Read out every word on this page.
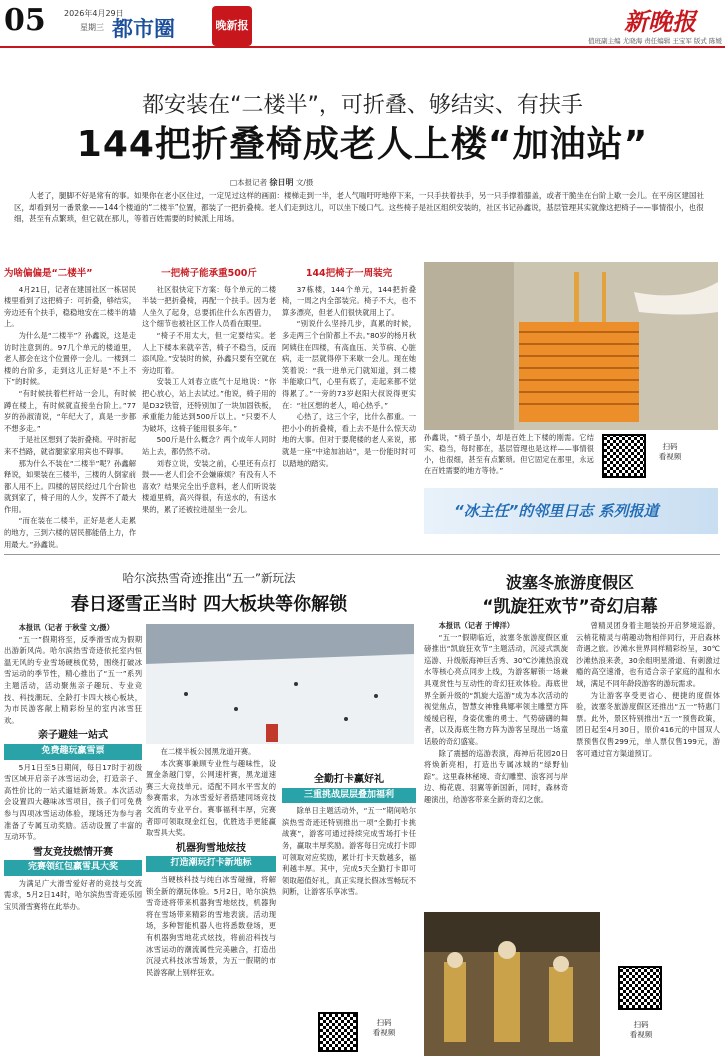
05 2026年4月29日
星期三 都市圈	晚新报	新晚报
值班副主编 尤晓海 责任编辑 王宝军 版式 陈媛
都安装在“二楼半”，可折叠、够结实、有扶手
144把折叠椅成老人上楼“加油站”
□本报记者 徐日明 文/摄
人老了，腿脚不好是常有的事。如果你在老小区住过，一定见过这样的画面：楼梯走到一半，老人气喘吁吁地停下来，一只手扶着扶手，另一只手撑着膝盖，或者干脆坐在台阶上歇一会儿。在平房区建国社区，却看到另一番景象——144个楼道的“二楼半”位置，都装了一把折叠椅。老人们走到这儿，可以坐下缓口气。这些椅子是社区组织安装的，社区书记孙鑫说，基层管理其实就像这把椅子——事情很小，也很细，甚至有点繁琐，但它就在那儿，等着百姓需要的时候派上用场。
为啥偏偏是“二楼半”

4月21日，记者在建国社区一栋居民楼里看到了这把椅子：可折叠，够结实，旁边还有个扶手，稳稳地安在二楼半的墙上。

为什么是“二楼半”？孙鑫说，这是走访时注意到的。97几个单元的楼道里，老人都会在这个位置停一会儿。一楼到二楼的台阶多，走到这儿正好是“不上不下”的时候。

“有时候扶着栏杆站一会儿，有时候蹲在楼上，有时候就直接坐台阶上。”77岁的孙淑清说，“年纪大了，真是一步都不想多走。”

于是社区想到了装折叠椅。平时折起来不挡路，就省腿家家用宾也不碍事。

那为什么不装在“二楼半”呢？孙鑫解释说，如果装在三楼半，三楼的人倒家前都人用不上。四楼的居民经过几个台阶也就到家了，椅子用的人少，发挥不了最大作用。

“而在装在二楼半，正好是老人走累的地方，三到六楼的居民都能借上力，作用最大。”孙鑫说。

一把椅子能承重500斤

社区很快定下方案：每个单元的二楼半装一把折叠椅，再配一个扶手。因为老人坐久了起身，总要抓住什么东西借力，这个细节也被社区工作人员看在眼里。

“椅子不用太大，但一定要结实。老人上下楼本来就辛苦，椅子不稳当，反而添风险。”安装时的候，孙鑫只要有空就在旁边盯着。

安装工人刘春立底气十足地说：“你把心放心，站上去试过。”他说，椅子用的是D32铁管，还特别加了一块加固铁板，承重能力能达到500斤以上。“只要不人为破坏，这椅子能用很多年。”

500斤是什么概念？两个成年人同时站上去，都仍然不动。

刘春立说，安装之前，心里还有点打鼓——老人们会不会嫌麻烦？有没有人不喜欢？结果完全出乎意料，老人们听说装楼道里椅，高兴得很，有送水的，有送水果的，累了还被拉进屋坐一会儿。

144把椅子一周装完

37栋楼，144个单元，144把折叠椅，一周之内全部装完。椅子不大，也不算多漂亮，但老人们很快就用上了。

“别说什么坚持几步，真累的时候，多走两三个台阶都上不去。”80岁的杨月秋阿姨住在四楼，有高血压、关节病、心脏病，走一层就得停下来歇一会儿。现在她笑着说：“我一进单元门就知道，到二楼半能歇口气，心里有底了，走起来都不觉得累了。”一旁的73岁赵阳大叔说得更实在：“社区想的老人，咱心热乎。”

心热了，这三个字，比什么都重。一把小小的折叠椅，看上去不是什么惊天动地的大事。但对于要爬楼的老人来说，那就是一座“中途加油站”，是一份能时时可以踏地的踏实。

孙鑫说，“椅子虽小，却是百姓上下楼的刚需。它结实、稳当，每时都在，基层管理也是这样——事情很小，也很细，甚至有点繁琐。但它固定在那里，永远在百姓需要的地方等待。”
扫码
看视频
“冰主任”的邻里日志 系列报道
哈尔滨热雪奇迹推出“五一”新玩法
春日逐雪正当时 四大板块等你解锁

本报讯（记者 于秋莹 文/摄）

“五一”假期将至，反季滑雪成为假期出游新风尚。哈尔滨热雪奇迹依托室内恒温无风的专业雪场硬核优势，围绕打破冰雪运动的季节性，精心推出了“五一”系列主题活动，活动聚焦亲子趣玩、专业竞技、科技潮玩、全龄打卡四大核心板块，为市民游客献上精彩纷呈的室内冰雪狂欢。

亲子避娃一站式
免费趣玩赢雪票

5月1日至5日期间，每日17时于初级雪区域开启亲子冰雪运动会，打造亲子、高性价比的一站式遛娃新场景。本次活动会设置四大趣味冰雪项目，孩子们可免费参与四项冰雪运动体验，现场还为参与者准备了专属互动奖励。活动设置了丰富的互动环节。

雪友竞技燃情开赛
完赛领红包赢雪具大奖

为满足广大滑雪爱好者的竞技与交流需求，5月2日14时，哈尔滨热雪奇迹乐园宝贝滑雪赛将在此举办。

在二楼半板公园黑龙道开赛。

本次赛事兼顾专业性与趣味性，设置金条越门穿，公网速杆赛，黑龙道速赛三大竞技单元。适配不同水平雪友的参赛需求，为冰雪爱好者搭建同场竞技交流的专业平台。赛事福利丰厚，完赛者即可领取现金红包，优胜选手更能赢取雪具大奖。

机器狗雪地炫技
打造潮玩打卡新地标

当硬核科技与纯白冰雪碰撞，将解锁全新的潮玩体验。5月2日，哈尔滨热雪奇迹将带来机器狗雪地炫技，机器狗将在雪场带来精彩的雪地表演。活动现场，多种智能机器人也将悉数登场，更有机器狗雪地花式炫技，将前沿科技与冰雪运动的潮流属性完美融合，打造出沉浸式科技冰雪场景，为五一假期的市民游客献上别样狂欢。

全勤打卡赢好礼
三重挑战层层叠加福利

除单日主题活动外，“五一”期间哈尔滨热雪奇迹还特别推出一项“全勤打卡挑战赛”，游客可通过持续完成雪场打卡任务，赢取丰厚奖励。游客每日完成打卡即可领取对应奖励，累计打卡天数越多，福利越丰厚。其中，完成5天全勤打卡即可领取超值好礼，真正实现长假冰雪畅玩不间断，让游客乐享冰雪。

扫码
看视频
波塞冬旅游度假区
“凯旋狂欢节”奇幻启幕

本报讯（记者 于博洋）

“五一”假期临近，波塞冬旅游度假区重磅推出“凯旋狂欢节”主题活动，沉浸式凯旋巡游、升级版海神巨舌秀、30℃沙滩热浪戏水等核心亮点同步上线，为游客解锁一场兼具观赏性与互动性的奇幻狂欢体验。海底世界全新升级的“凯旋大巡游”成为本次活动的视觉焦点，智慧女神雅典娜率领主雕塑方阵缓缓启程，身姿优雅的勇士、气势磅礴的舞者，以及海底生物方阵为游客呈现出一场童话般的奇幻盛宴。

除了震撼的巡游表演，海神后花园20日将焕新亮相，打造出专属冰城的“绿野仙踪”。这里森林秘境、奇幻雕塑、浪客河与岸边、梅花鹿、羽翼等新国新，同时，森林奇趣演出，给游客带来全新的奇幻之旅。

曾精灵团身着主题装扮开启梦境巡游，云梢花精灵与萌趣动物相伴同行，开启森林奇遇之旅。沙滩水世界同样精彩纷呈，30℃沙滩热浪来袭，30余组明星滑道、有刺激过瘾的高空速滑，也有适合亲子家庭的温和水域，满足不同年龄段游客的游玩需求。

为让游客享受更省心、便捷的度假体验，波塞冬旅游度假区还推出“五一”特惠门票。此外，景区特别推出“五一”预售政策，团日起至4月30日，原价416元的中国双人票预售仅售299元，单人票仅售199元，游客可通过官方渠道预订。

扫码
看视频
